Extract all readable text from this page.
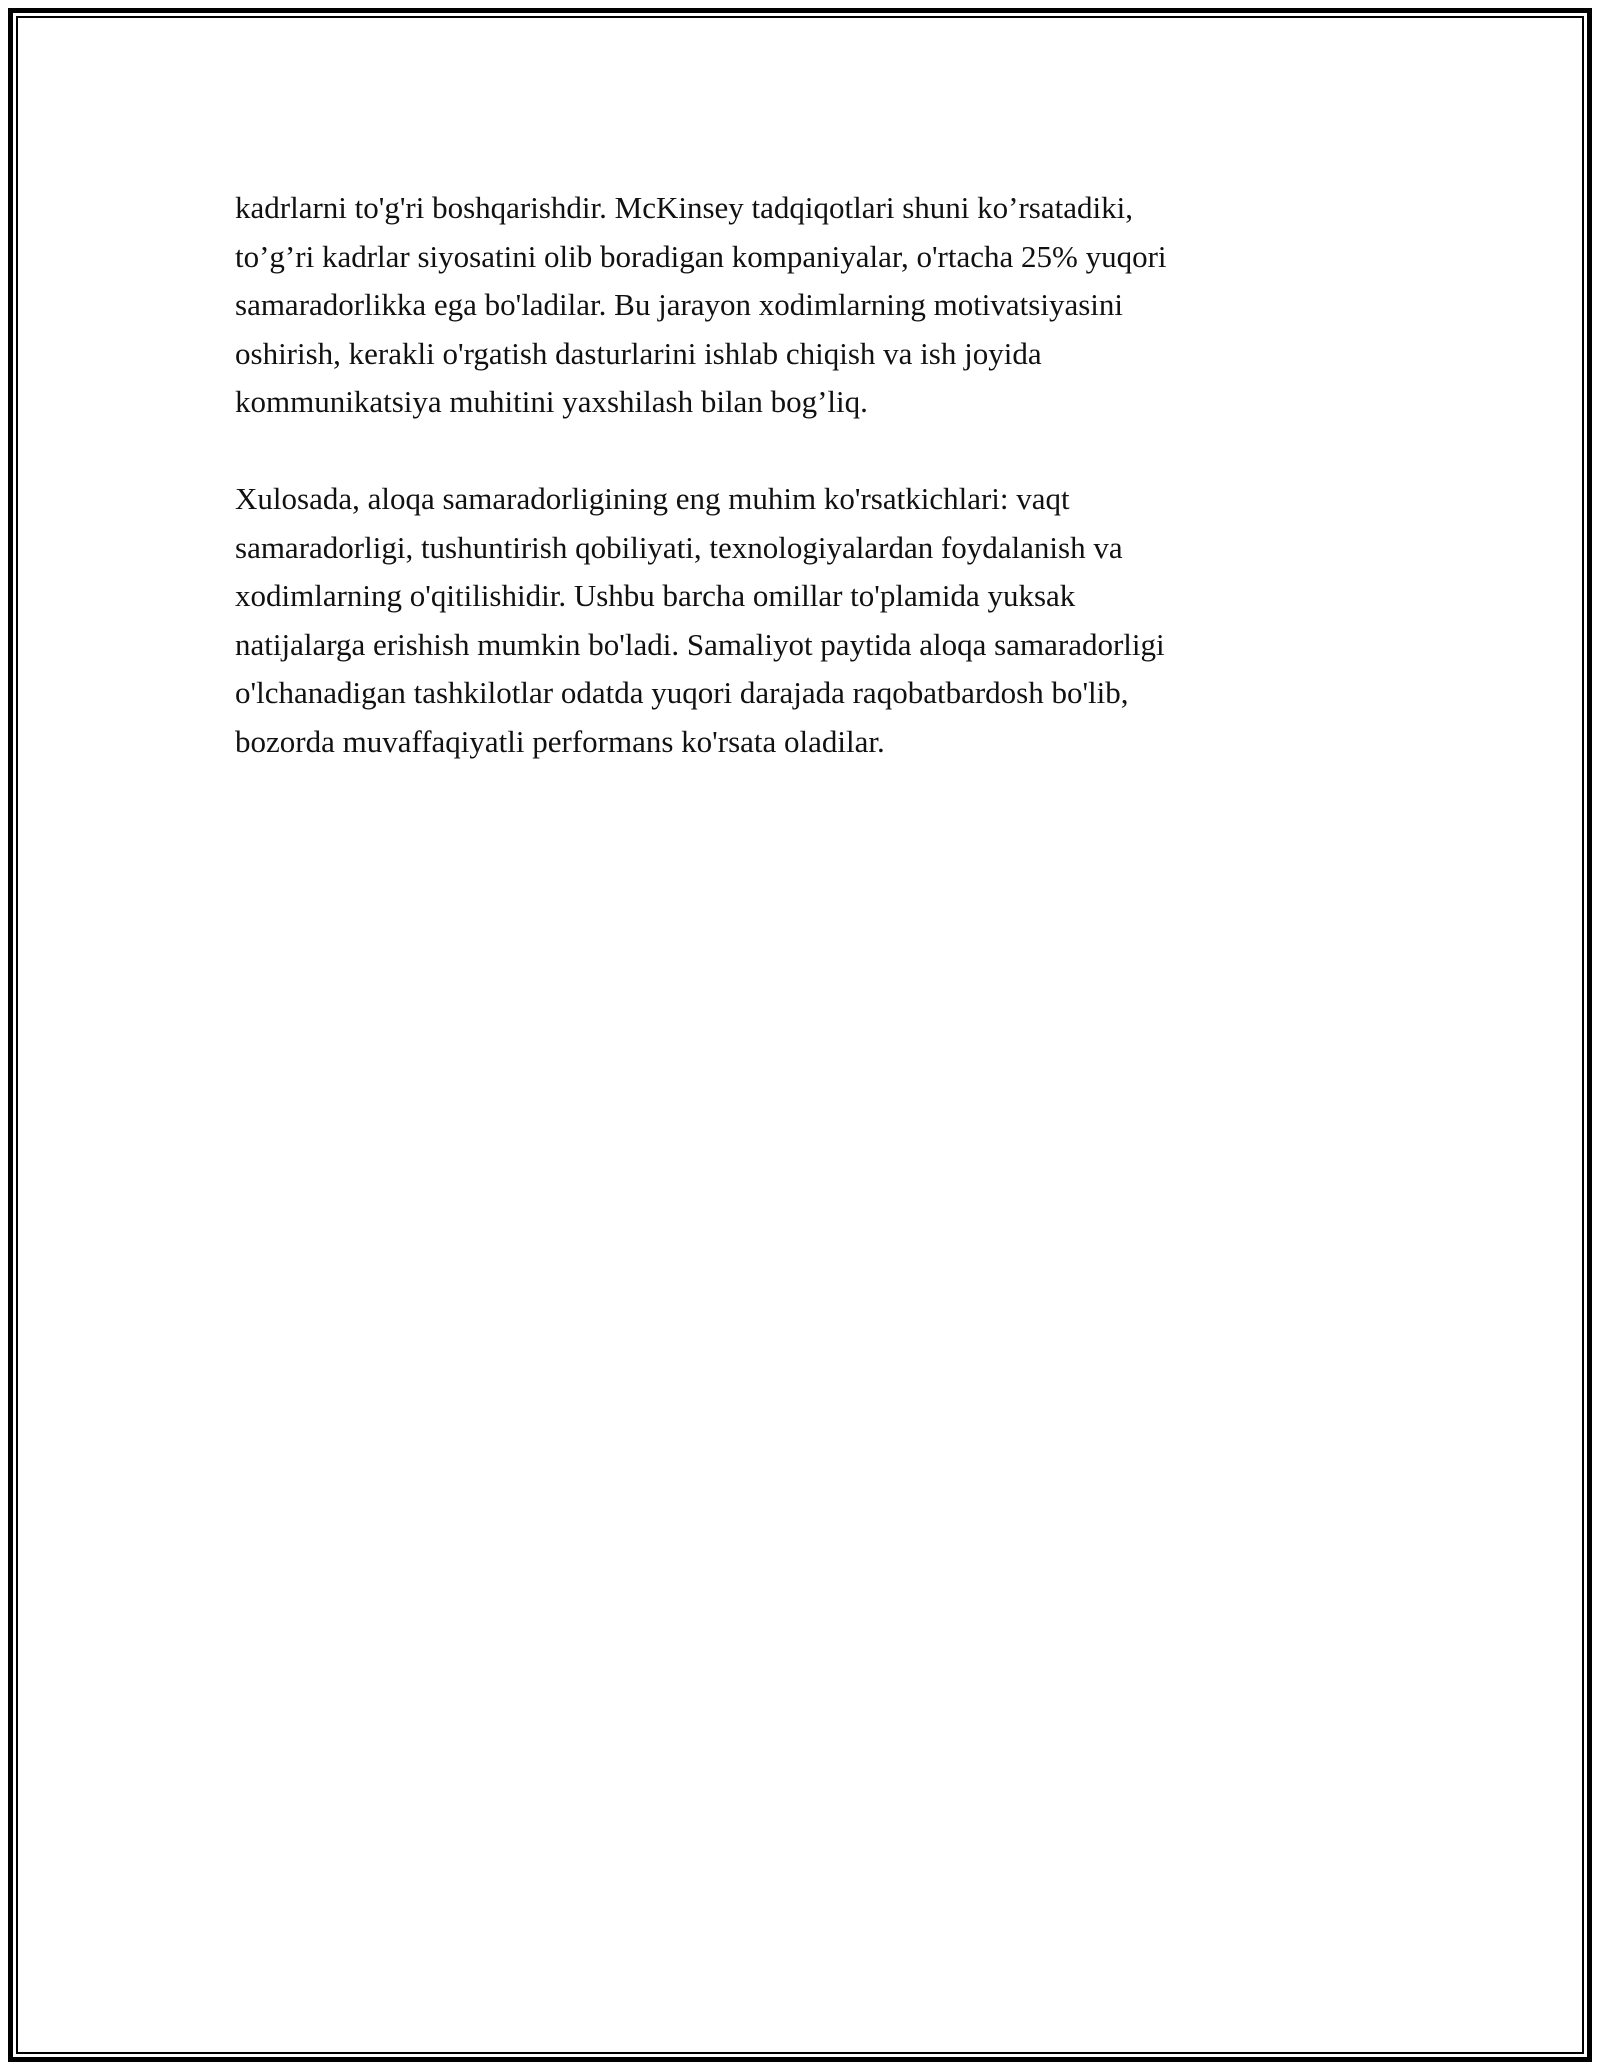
kadrlarni to'g'ri boshqarishdir. McKinsey tadqiqotlari shuni ko’rsatadiki,
to’g’ri kadrlar siyosatini olib boradigan kompaniyalar, o'rtacha 25% yuqori
samaradorlikka ega bo'ladilar. Bu jarayon xodimlarning motivatsiyasini
oshirish, kerakli o'rgatish dasturlarini ishlab chiqish va ish joyida
kommunikatsiya muhitini yaxshilash bilan bog’liq.

Xulosada, aloqa samaradorligining eng muhim ko'rsatkichlari: vaqt
samaradorligi, tushuntirish qobiliyati, texnologiyalardan foydalanish va
xodimlarning o'qitilishidir. Ushbu barcha omillar to'plamida yuksak
natijalarga erishish mumkin bo'ladi. Samaliyot paytida aloqa samaradorligi
o'lchanadigan tashkilotlar odatda yuqori darajada raqobatbardosh bo'lib,
bozorda muvaffaqiyatli performans ko'rsata oladilar.
